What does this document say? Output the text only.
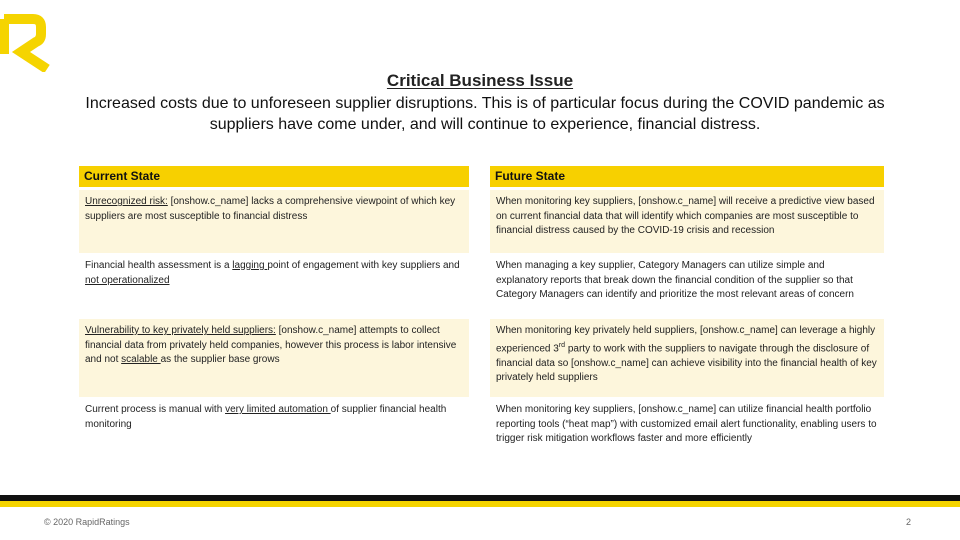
Critical Business Issue
Increased costs due to unforeseen supplier disruptions. This is of particular focus during the COVID pandemic as suppliers have come under, and will continue to experience, financial distress.
Current State	Future State
Unrecognized risk: [onshow.c_name] lacks a comprehensive viewpoint of which key suppliers are most susceptible to financial distress
When monitoring key suppliers, [onshow.c_name] will receive a predictive view based on current financial data that will identify which companies are most susceptible to financial distress caused by the COVID-19 crisis and recession
Financial health assessment is a lagging point of engagement with key suppliers and not operationalized
When managing a key supplier, Category Managers can utilize simple and explanatory reports that break down the financial condition of the supplier so that Category Managers can identify and prioritize the most relevant areas of concern
Vulnerability to key privately held suppliers: [onshow.c_name] attempts to collect financial data from privately held companies, however this process is labor intensive and not scalable as the supplier base grows
When monitoring key privately held suppliers, [onshow.c_name] can leverage a highly experienced 3rd party to work with the suppliers to navigate through the disclosure of financial data so [onshow.c_name] can achieve visibility into the financial health of key privately held suppliers
Current process is manual with very limited automation of supplier financial health monitoring
When monitoring key suppliers, [onshow.c_name] can utilize financial health portfolio reporting tools (“heat map”) with customized email alert functionality, enabling users to trigger risk mitigation workflows faster and more efficiently
© 2020 RapidRatings	2
